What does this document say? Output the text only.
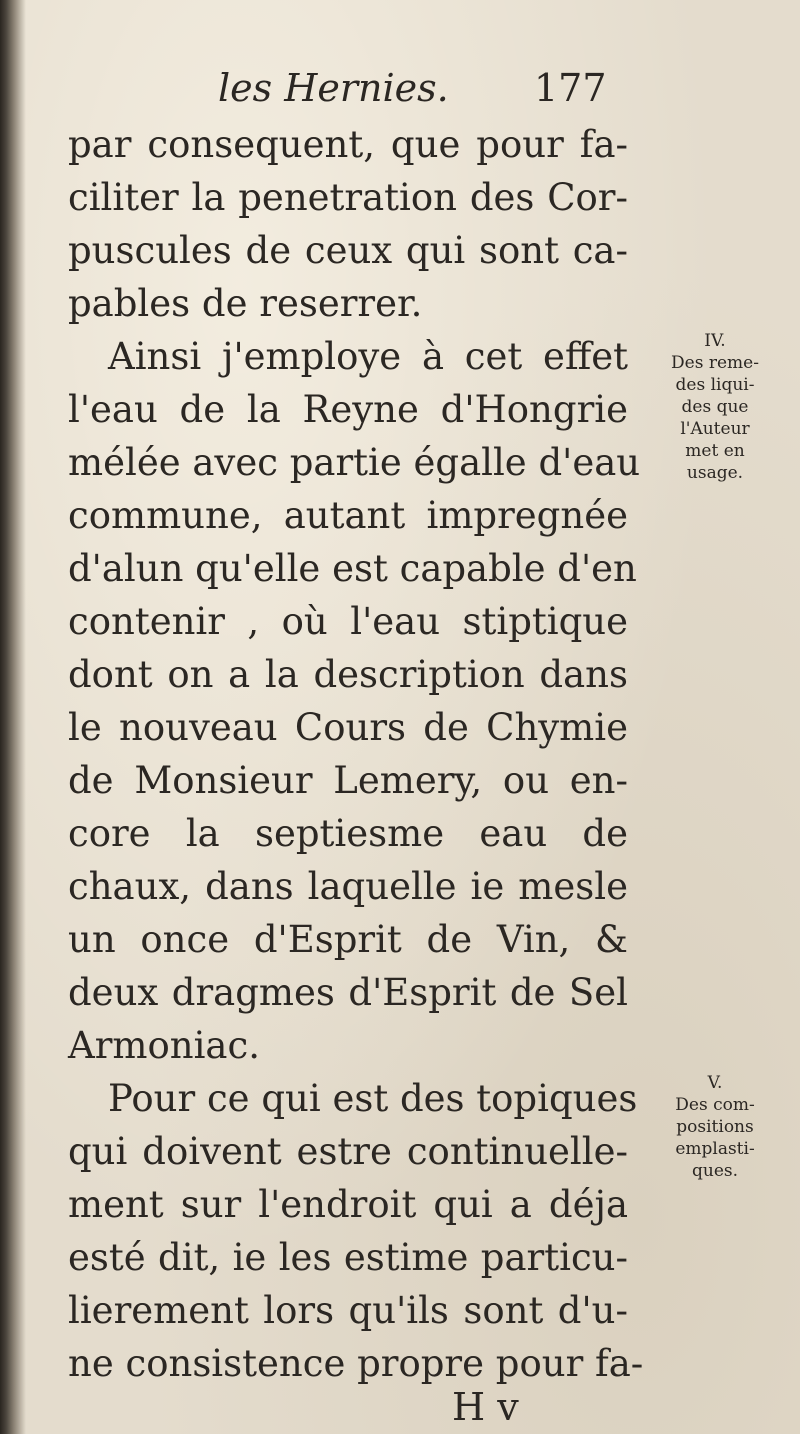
les Hernies. 177
par consequent, que pour fa-
ciliter la penetration des Cor-
puscules de ceux qui sont ca-
pables de reserrer.
Ainsi j'employe à cet effet
l'eau de la Reyne d'Hongrie
mélée avec partie égalle d'eau
commune, autant impregnée
d'alun qu'elle est capable d'en
contenir , où l'eau stiptique
dont on a la description dans
le nouveau Cours de Chymie
de Monsieur Lemery, ou en-
core la septiesme eau de
chaux, dans laquelle ie mesle
un once d'Esprit de Vin, &
deux dragmes d'Esprit de Sel
Armoniac.
Pour ce qui est des topiques
qui doivent estre continuelle-
ment sur l'endroit qui a déja
esté dit, ie les estime particu-
lierement lors qu'ils sont d'u-
ne consistence propre pour fa-
IV.
Des reme-
des liqui-
des que
l'Auteur
met en
usage.
V.
Des com-
positions
emplasti-
ques.
H v
